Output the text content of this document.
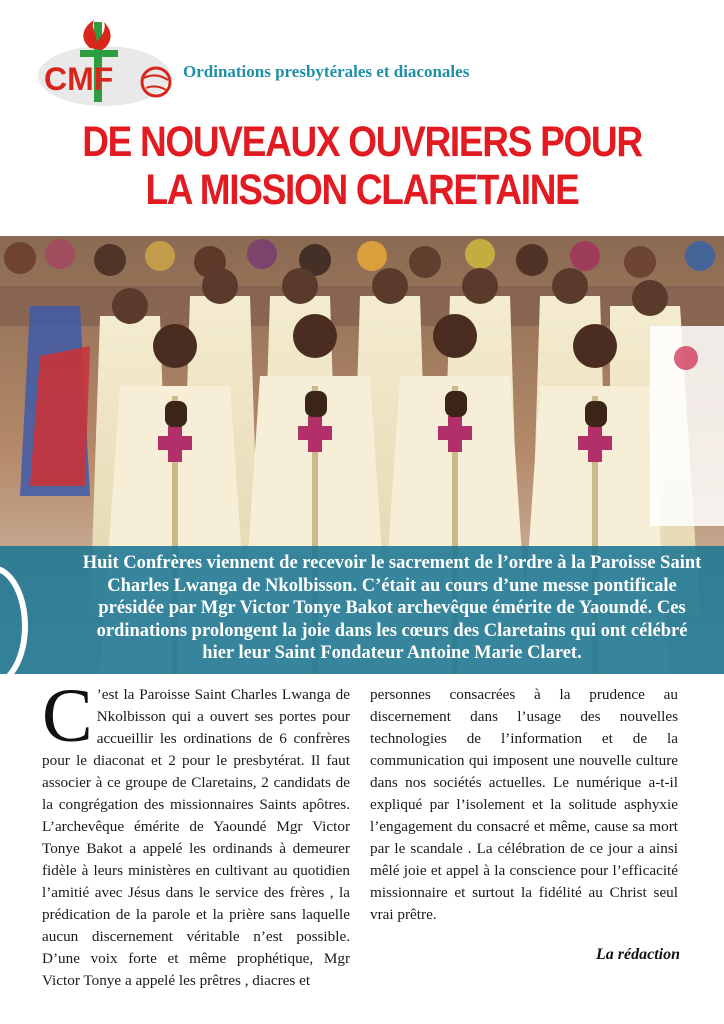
CMF	Ordinations presbytérales et diaconales
DE NOUVEAUX OUVRIERS POUR
LA MISSION CLARETAINE
Huit Confrères viennent de recevoir le sacrement de l’ordre à la Paroisse Saint Charles Lwanga de Nkolbisson. C’était au cours d’une messe pontificale présidée par Mgr Victor Tonye Bakot archevêque émérite de Yaoundé. Ces ordinations prolongent la joie dans les cœurs des Claretains qui ont célébré hier leur Saint Fondateur Antoine Marie Claret.
C ’est la Paroisse Saint Charles Lwanga de Nkolbisson qui a ouvert ses portes pour accueillir les ordinations de 6 confrères pour le diaconat et 2 pour le presbytérat. Il faut associer à ce groupe de Claretains, 2 candidats de la congrégation des missionnaires Saints apôtres. L’archevêque émérite de Yaoundé Mgr Victor Tonye Bakot a appelé les ordinands à demeurer fidèle à leurs ministères en cultivant au quotidien l’amitié avec Jésus dans le service des frères , la prédication de la parole et la prière sans laquelle aucun discernement véritable n’est possible. D’une voix forte et même prophétique, Mgr Victor Tonye a appelé les prêtres , diacres et
personnes consacrées à la prudence au discernement dans l’usage des nouvelles technologies de l’information et de la communication qui imposent une nouvelle culture dans nos sociétés actuelles. Le numérique a-t-il expliqué par l’isolement et la solitude asphyxie l’engagement du consacré et même, cause sa mort par le scandale . La célébration de ce jour a ainsi mêlé joie et appel à la conscience pour l’efficacité missionnaire et surtout la fidélité au Christ seul vrai prêtre.
La rédaction
